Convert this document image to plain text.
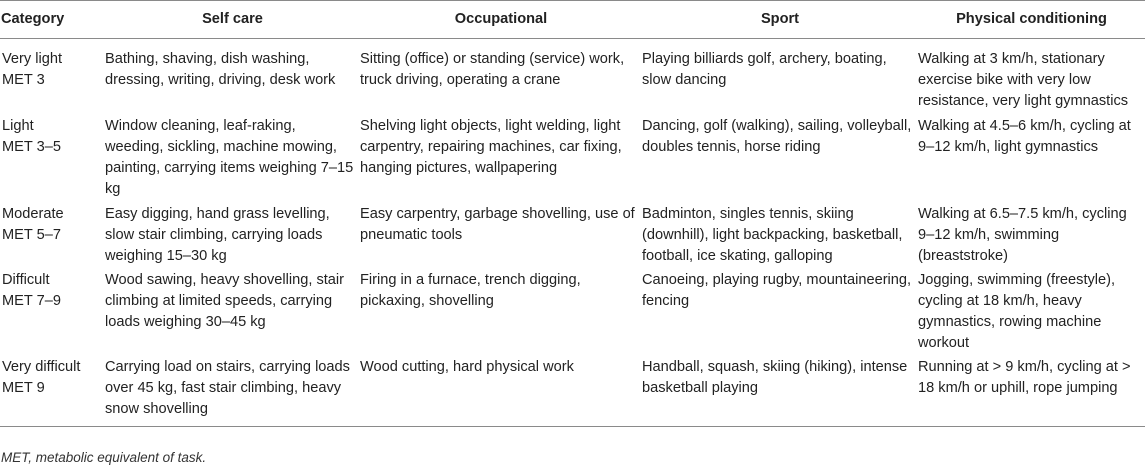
Category	Self care	Occupational	Sport	Physical conditioning

Very light
MET 3	Bathing, shaving, dish washing, dressing, writing, driving, desk work	Sitting (office) or standing (service) work, truck driving, operating a crane	Playing billiards golf, archery, boating, slow dancing	Walking at 3 km/h, stationary exercise bike with very low resistance, very light gymnastics

Light
MET 3–5	Window cleaning, leaf-raking, weeding, sickling, machine mowing, painting, carrying items weighing 7–15 kg	Shelving light objects, light welding, light carpentry, repairing machines, car fixing, hanging pictures, wallpapering	Dancing, golf (walking), sailing, volleyball, doubles tennis, horse riding	Walking at 4.5–6 km/h, cycling at 9–12 km/h, light gymnastics

Moderate
MET 5–7	Easy digging, hand grass levelling, slow stair climbing, carrying loads weighing 15–30 kg	Easy carpentry, garbage shovelling, use of pneumatic tools	Badminton, singles tennis, skiing (downhill), light backpacking, basketball, football, ice skating, galloping	Walking at 6.5–7.5 km/h, cycling 9–12 km/h, swimming (breaststroke)

Difficult
MET 7–9	Wood sawing, heavy shovelling, stair climbing at limited speeds, carrying loads weighing 30–45 kg	Firing in a furnace, trench digging, pickaxing, shovelling	Canoeing, playing rugby, mountaineering, fencing	Jogging, swimming (freestyle), cycling at 18 km/h, heavy gymnastics, rowing machine workout

Very difficult
MET 9	Carrying load on stairs, carrying loads over 45 kg, fast stair climbing, heavy snow shovelling	Wood cutting, hard physical work	Handball, squash, skiing (hiking), intense basketball playing	Running at > 9 km/h, cycling at > 18 km/h or uphill, rope jumping
MET, metabolic equivalent of task.
